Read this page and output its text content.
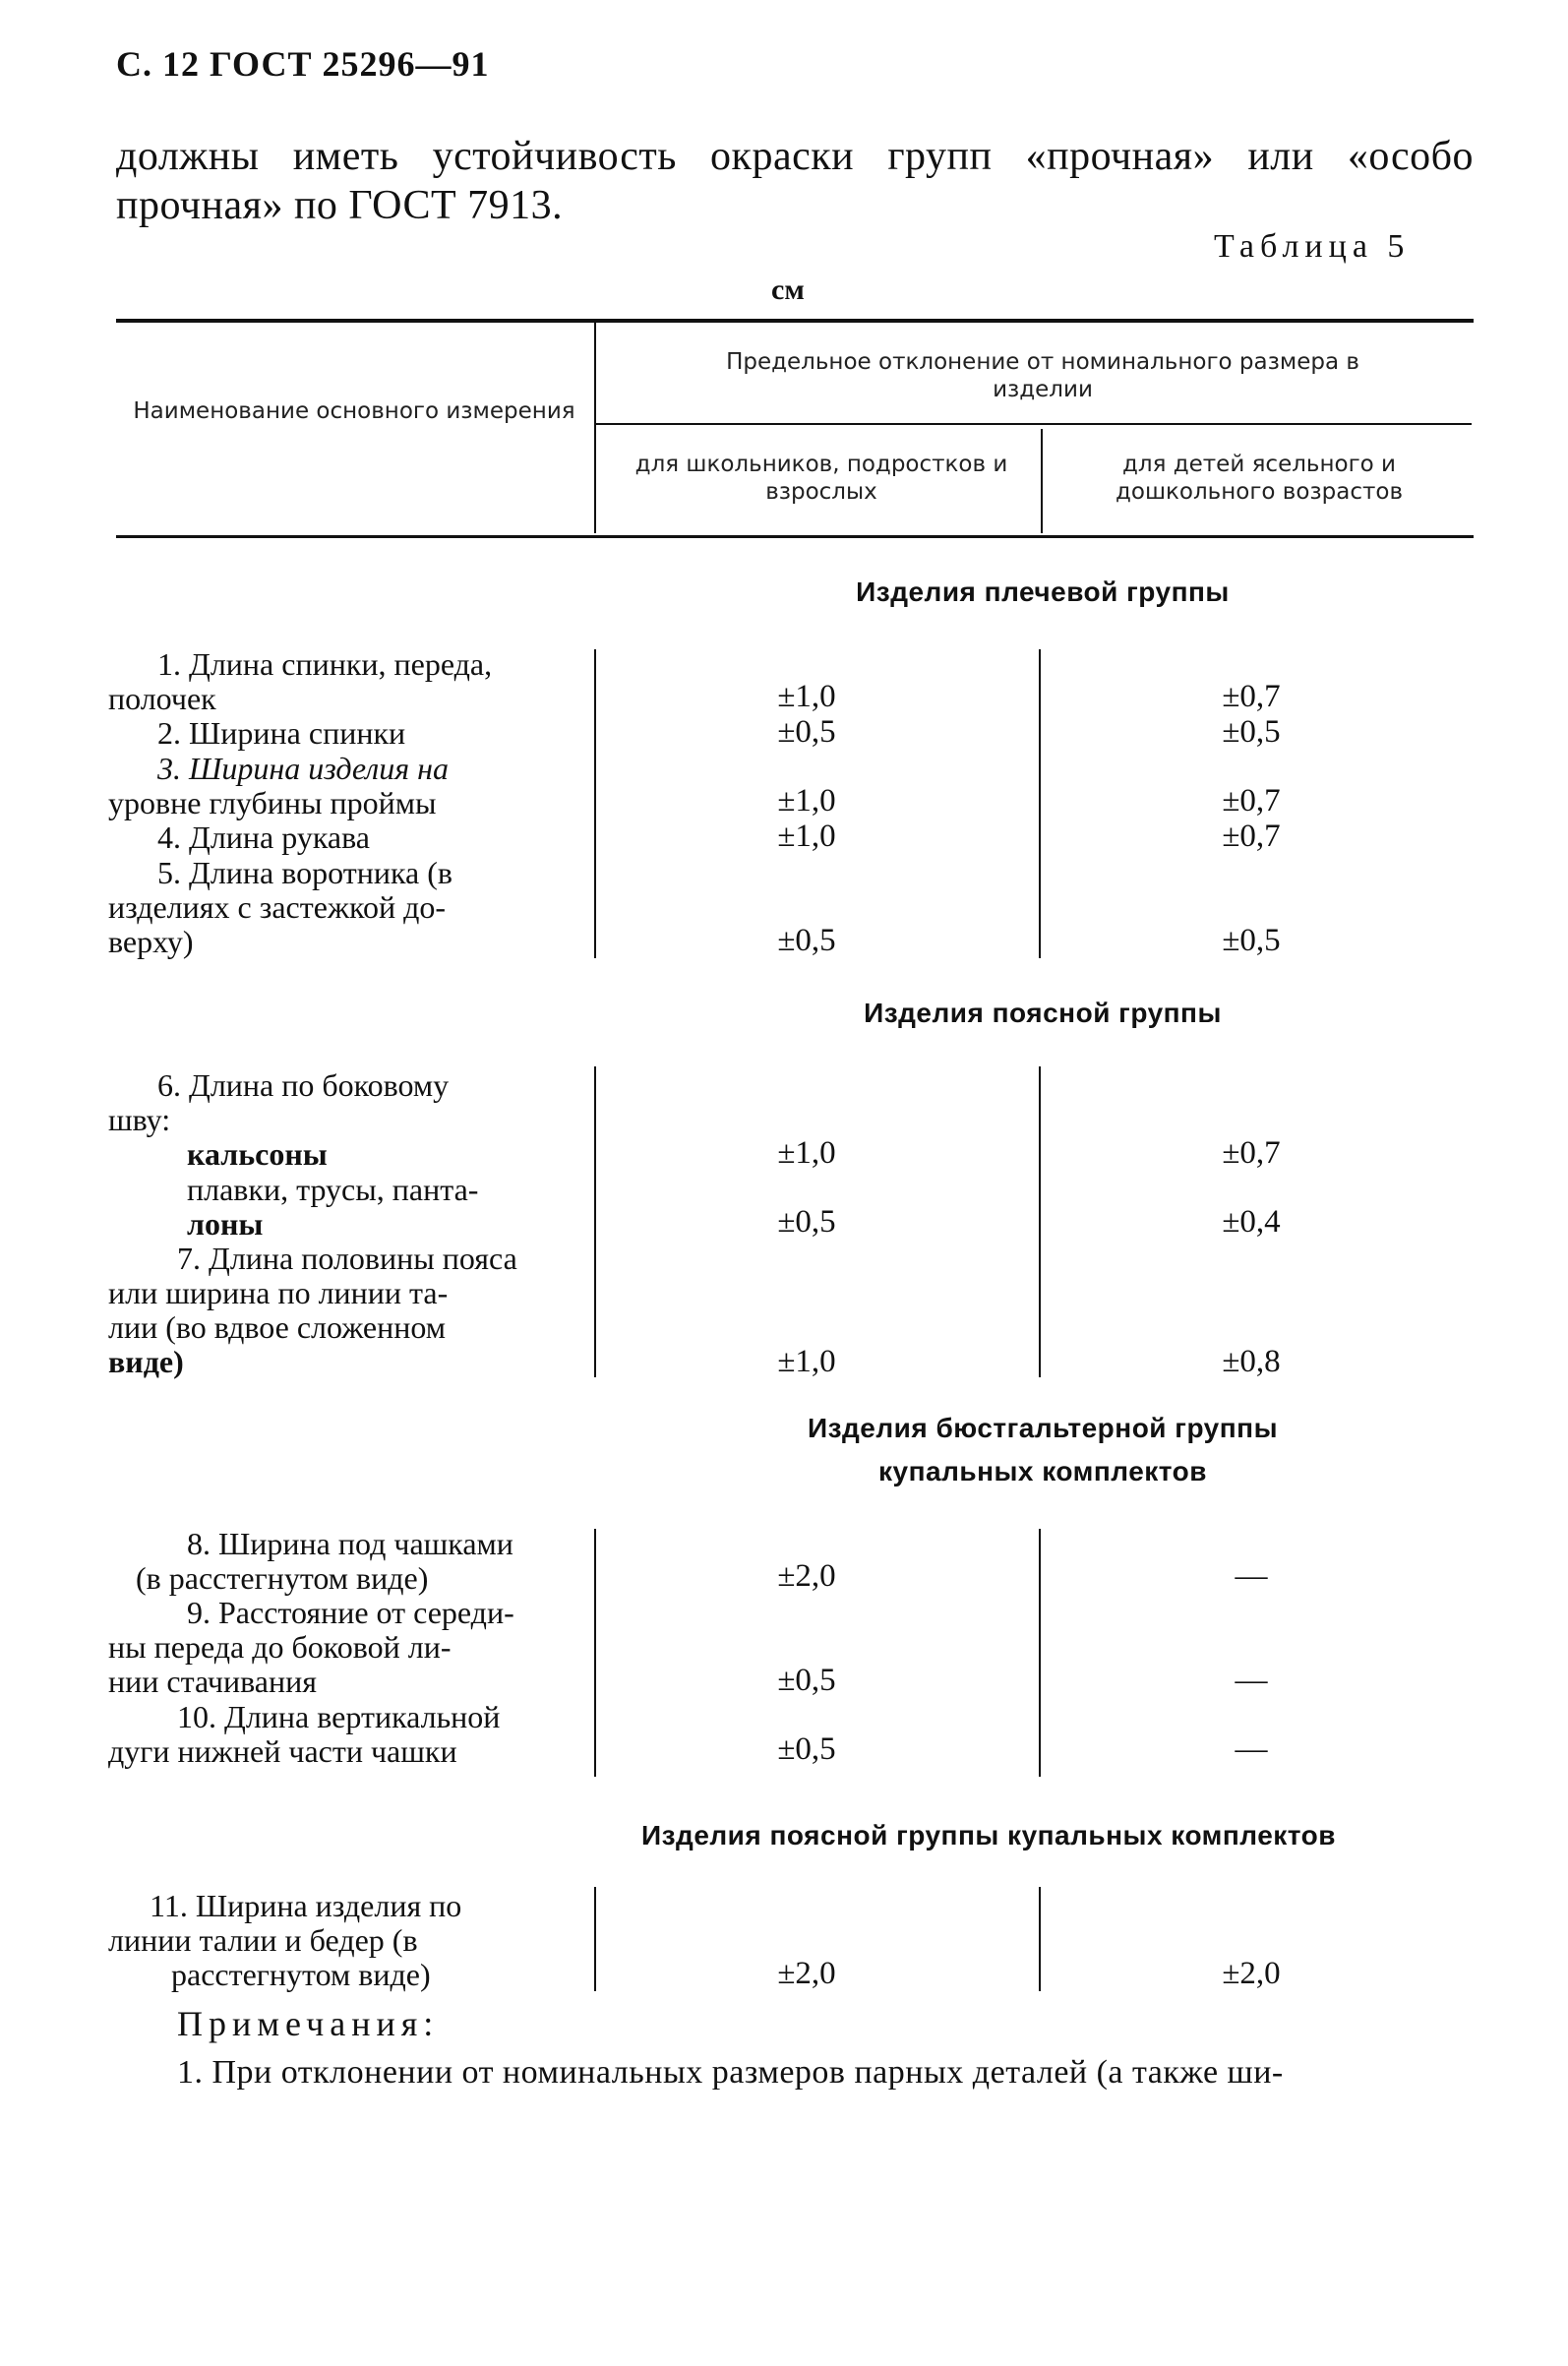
С. 12 ГОСТ 25296—91
должны иметь устойчивость окраски групп «прочная» или «особо прочная» по ГОСТ 7913.
Таблица 5
см
Наименование основного измерения
Предельное отклонение от номинального размера в изделии
для школьников, подростков и взрослых
для детей ясельного и дошкольного возрастов
Изделия плечевой группы
1. Длина спинки, переда,
полочек	±1,0	±0,7
2. Ширина спинки	±0,5	±0,5
3. Ширина изделия на
уровне глубины проймы	±1,0	±0,7
4. Длина рукава	±1,0	±0,7
5. Длина воротника (в
изделиях с застежкой до-
верху)	±0,5	±0,5
Изделия поясной группы
6. Длина по боковому
шву:
кальсоны	±1,0	±0,7
плавки, трусы, панта-
лоны	±0,5	±0,4
7. Длина половины пояса
или ширина по линии та-
лии (во вдвое сложенном
виде)	±1,0	±0,8
Изделия бюстгальтерной группы
купальных комплектов
8. Ширина под чашками
(в расстегнутом виде)	±2,0	—
9. Расстояние от середи-
ны переда до боковой ли-
нии стачивания	±0,5	—
10. Длина вертикальной
дуги нижней части чашки	±0,5	—
Изделия поясной группы купальных комплектов
11. Ширина изделия по
линии талии и бедер (в
расстегнутом виде)	±2,0	±2,0
Примечания:
1. При отклонении от номинальных размеров парных деталей (а также ши-
